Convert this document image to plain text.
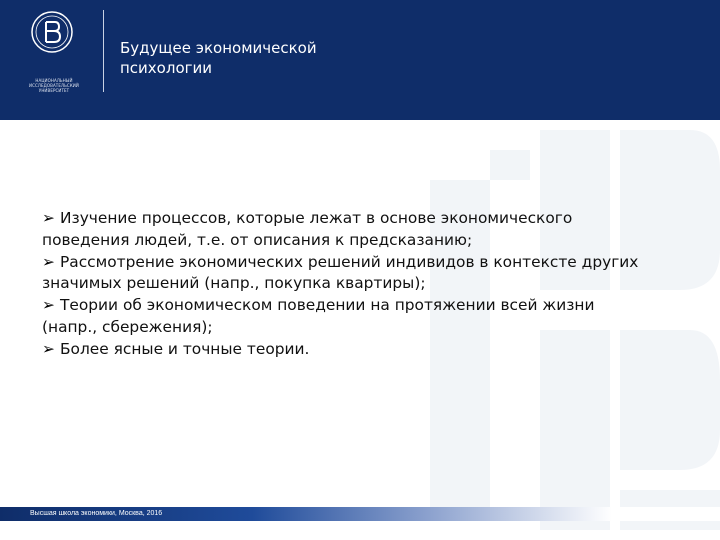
НАЦИОНАЛЬНЫЙ ИССЛЕДОВАТЕЛЬСКИЙ
УНИВЕРСИТЕТ
Будущее экономической
психологии

➢ Изучение процессов, которые лежат в основе экономического поведения людей, т.е. от описания к предсказанию;

➢ Рассмотрение экономических решений индивидов в контексте других значимых решений (напр., покупка квартиры);

➢ Теории об экономическом поведении на протяжении всей жизни (напр., сбережения);

➢ Более ясные и точные теории.

Высшая школа экономики, Москва, 2016
